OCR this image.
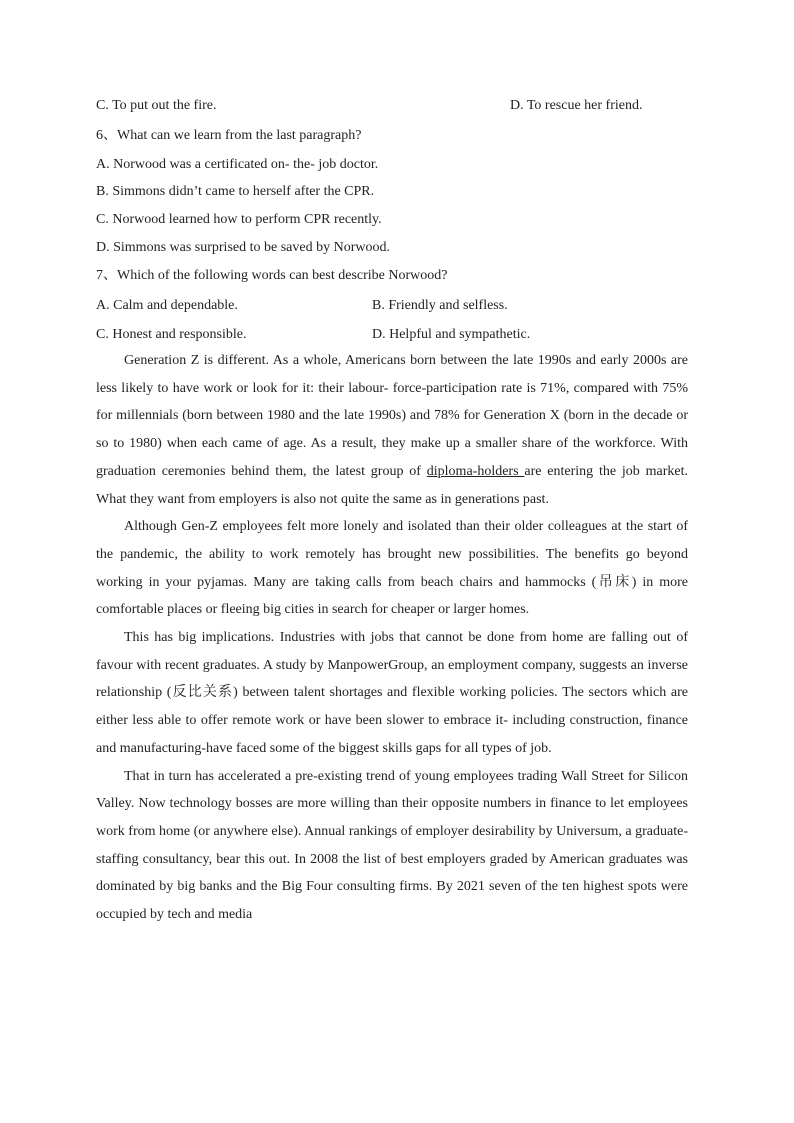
C. To put out the fire.	D. To rescue her friend.
6、What can we learn from the last paragraph?
A. Norwood was a certificated on- the- job doctor.
B. Simmons didn’t came to herself after the CPR.
C. Norwood learned how to perform CPR recently.
D. Simmons was surprised to be saved by Norwood.
7、Which of the following words can best describe Norwood?
A. Calm and dependable.	B. Friendly and selfless.
C. Honest and responsible.	D. Helpful and sympathetic.

Generation Z is different. As a whole, Americans born between the late 1990s and early 2000s are less likely to have work or look for it: their labour- force-participation rate is 71%, compared with 75% for millennials (born between 1980 and the late 1990s) and 78% for Generation X (born in the decade or so to 1980) when each came of age. As a result, they make up a smaller share of the workforce. With graduation ceremonies behind them, the latest group of diploma-holders are entering the job market. What they want from employers is also not quite the same as in generations past.

Although Gen-Z employees felt more lonely and isolated than their older colleagues at the start of the pandemic, the ability to work remotely has brought new possibilities. The benefits go beyond working in your pyjamas. Many are taking calls from beach chairs and hammocks (吊床) in more comfortable places or fleeing big cities in search for cheaper or larger homes.

This has big implications. Industries with jobs that cannot be done from home are falling out of favour with recent graduates. A study by ManpowerGroup, an employment company, suggests an inverse relationship (反比关系) between talent shortages and flexible working policies. The sectors which are either less able to offer remote work or have been slower to embrace it- including construction, finance and manufacturing-have faced some of the biggest skills gaps for all types of job.

That in turn has accelerated a pre-existing trend of young employees trading Wall Street for Silicon Valley. Now technology bosses are more willing than their opposite numbers in finance to let employees work from home (or anywhere else). Annual rankings of employer desirability by Universum, a graduate-staffing consultancy, bear this out. In 2008 the list of best employers graded by American graduates was dominated by big banks and the Big Four consulting firms. By 2021 seven of the ten highest spots were occupied by tech and media
